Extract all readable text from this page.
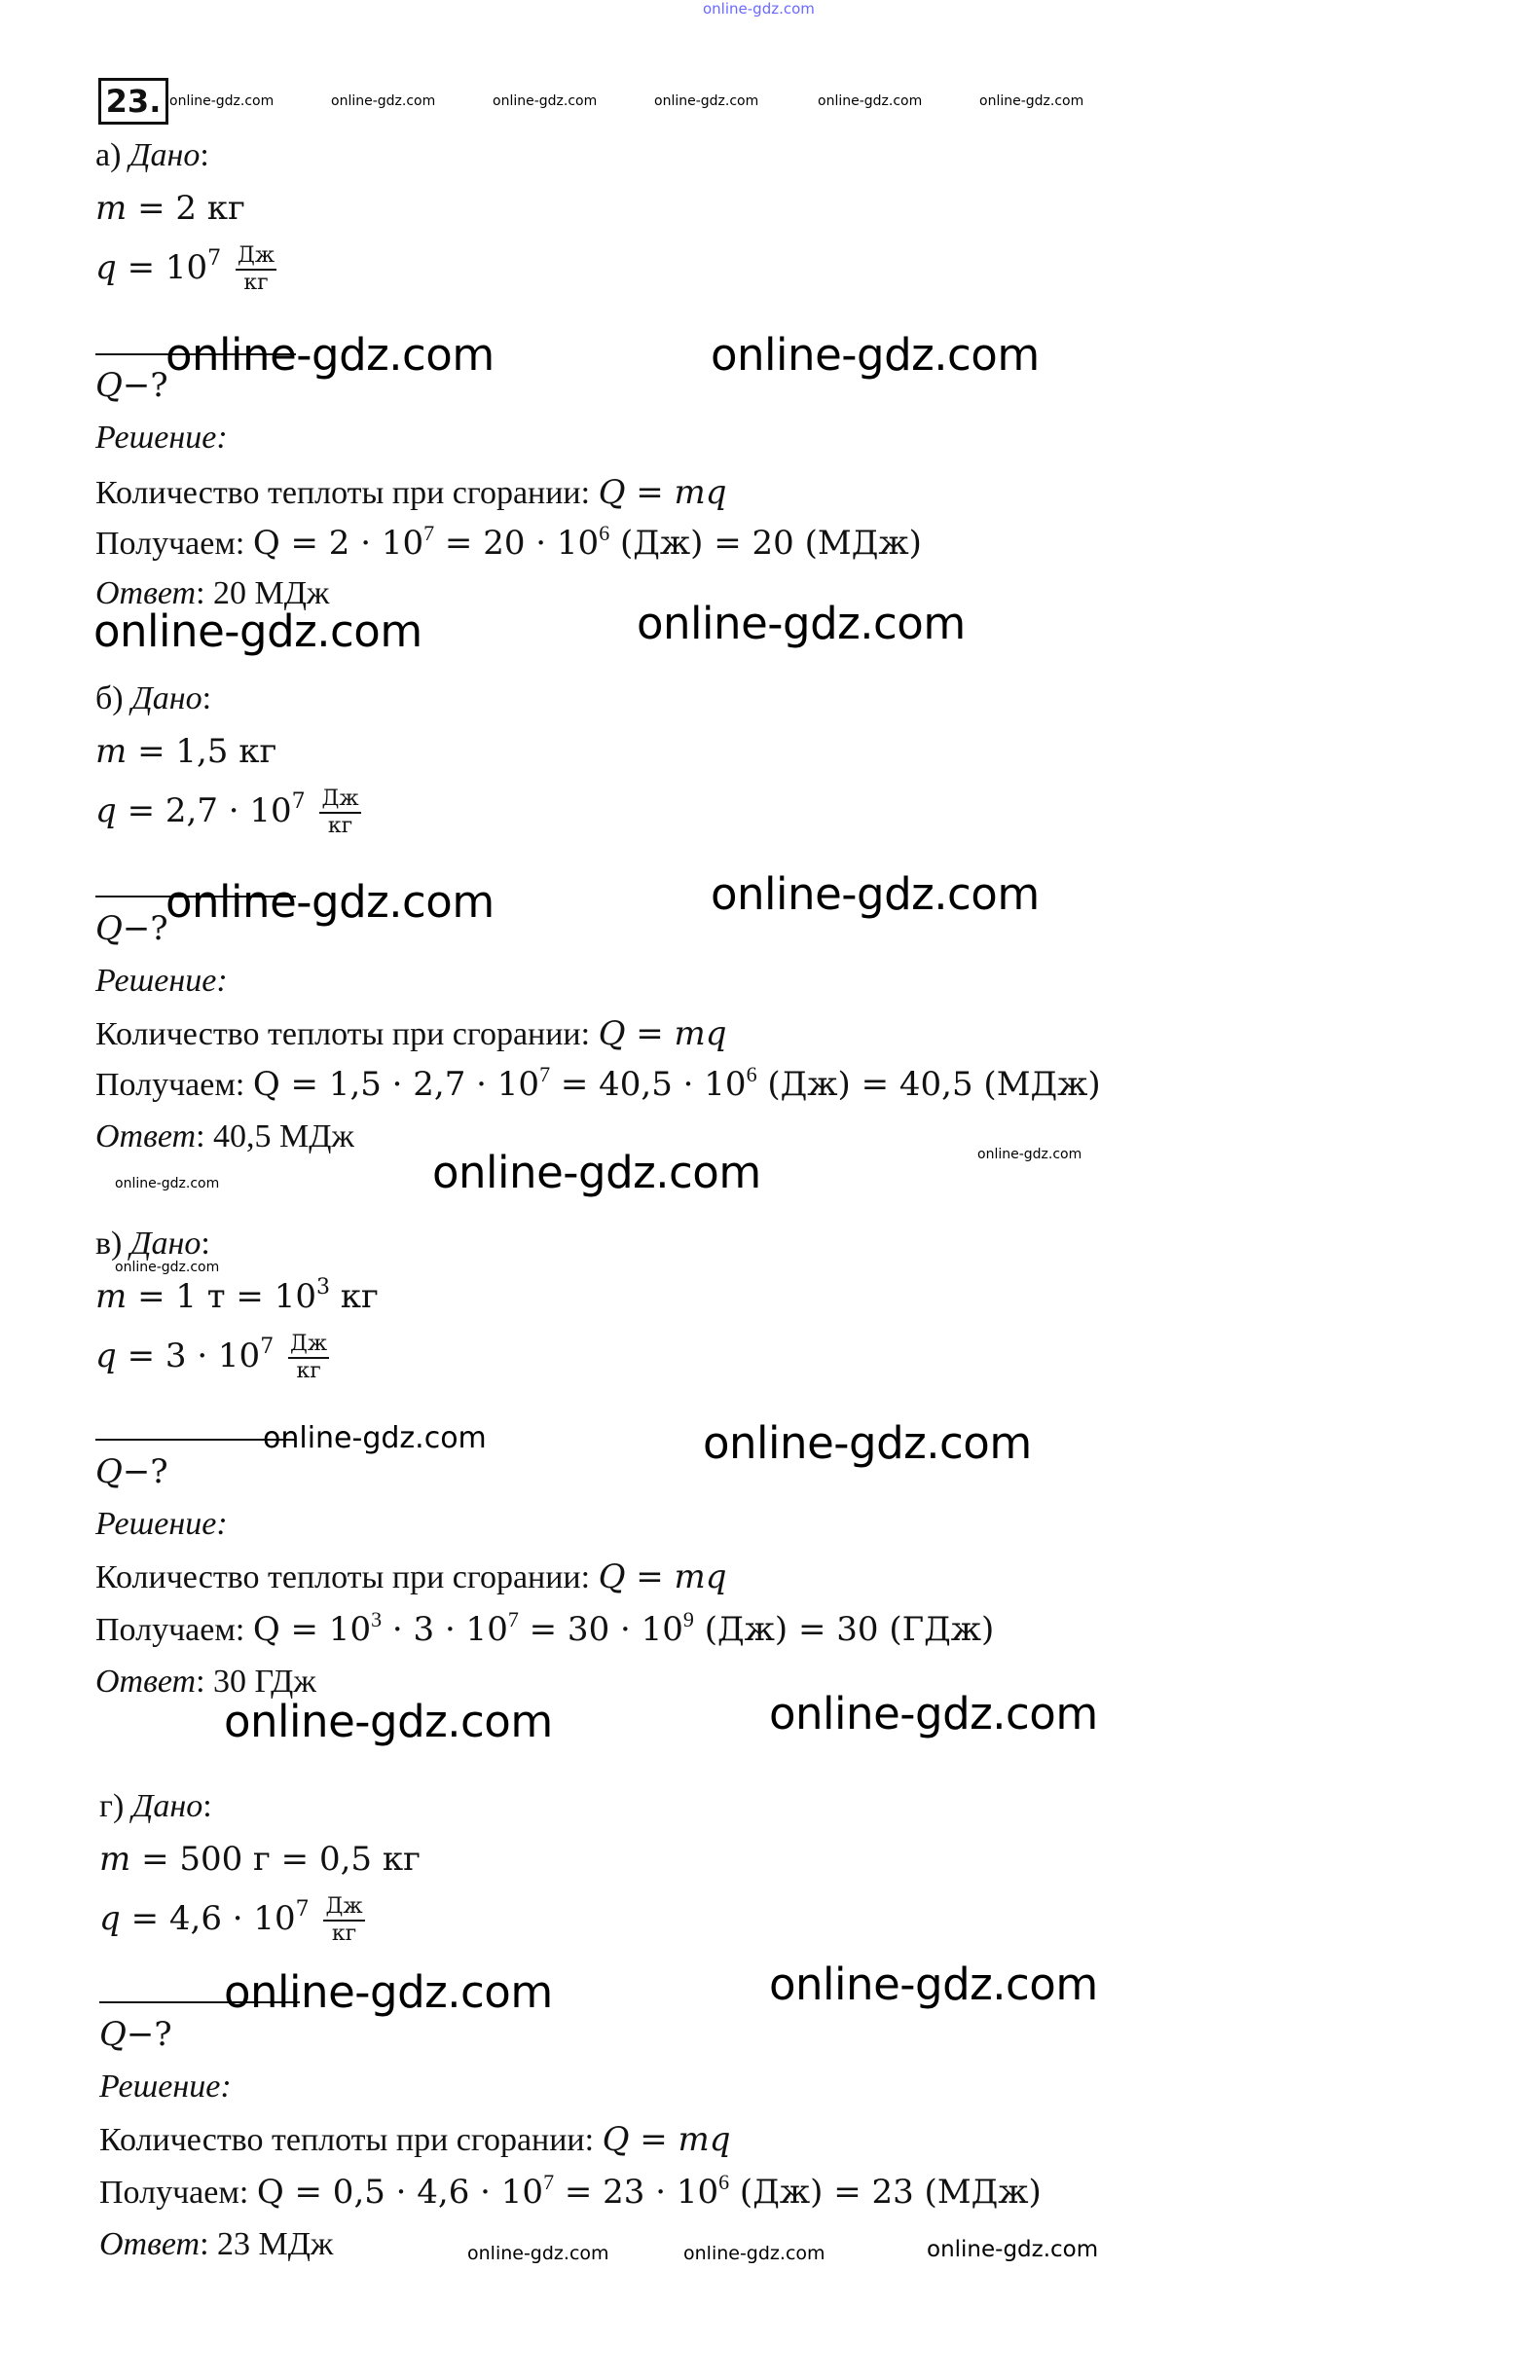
online-gdz.com
23. online-gdz.com	online-gdz.com	online-gdz.com	online-gdz.com	online-gdz.com	online-gdz.com
а) Дано:
m = 2 кг
$q = 10^7 \frac{Дж}{кг}$
Q−?
Решение:
Количество теплоты при сгорании: Q = mq
Получаем: $Q = 2 \cdot 10^7 = 20 \cdot 10^6$ (Дж) = 20 (МДж)
Ответ: 20 МДж
online-gdz.com	online-gdz.com
online-gdz.com	online-gdz.com
б) Дано:
m = 1,5 кг
$q = 2,7 \cdot 10^7 \frac{Дж}{кг}$
Q−?
Решение:
Количество теплоты при сгорании: Q = mq
Получаем: $Q = 1,5 \cdot 2,7 \cdot 10^7 = 40,5 \cdot 10^6$ (Дж) = 40,5 (МДж)
Ответ: 40,5 МДж
online-gdz.com	online-gdz.com
online-gdz.com	online-gdz.com
online-gdz.com
в) Дано:
online-gdz.com
m = 1 $т = 10^3$ кг
$q = 3 \cdot 10^7 \frac{Дж}{кг}$
online-gdz.com
Q−?
Решение:
Количество теплоты при сгорании: Q = mq
Получаем: $Q = 10^3 \cdot 3 \cdot 10^7 = 30 \cdot 10^9$ (Дж) = 30 (ГДж)
Ответ: 30 ГДж
online-gdz.com
online-gdz.com	online-gdz.com
г) Дано:
m = 500 г = 0,5 кг
$q = 4,6 \cdot 10^7 \frac{Дж}{кг}$
Q−?
Решение:
Количество теплоты при сгорании: Q = mq
Получаем: $Q = 0,5 \cdot 4,6 \cdot 10^7 = 23 \cdot 10^6$ (Дж) = 23 (МДж)
Ответ: 23 МДж
online-gdz.com	online-gdz.com
online-gdz.com	online-gdz.com	online-gdz.com
